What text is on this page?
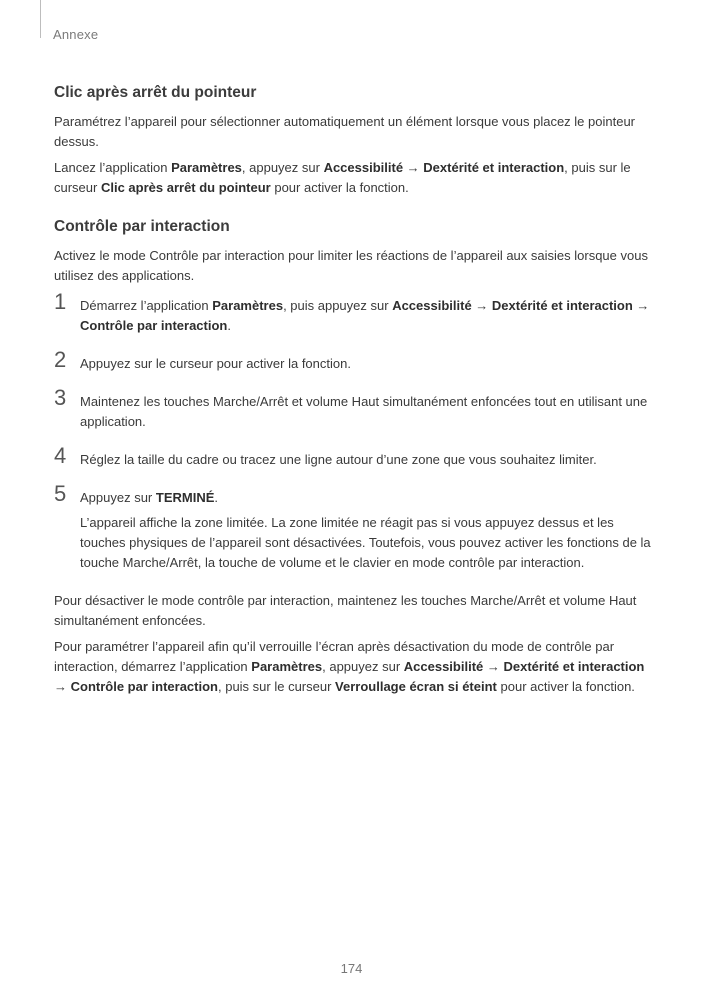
Annexe
Clic après arrêt du pointeur

Paramétrez l’appareil pour sélectionner automatiquement un élément lorsque vous placez le pointeur dessus.

Lancez l’application Paramètres, appuyez sur Accessibilité → Dextérité et interaction, puis sur le curseur Clic après arrêt du pointeur pour activer la fonction.

Contrôle par interaction

Activez le mode Contrôle par interaction pour limiter les réactions de l’appareil aux saisies lorsque vous utilisez des applications.

1 Démarrez l’application Paramètres, puis appuyez sur Accessibilité → Dextérité et interaction → Contrôle par interaction.

2 Appuyez sur le curseur pour activer la fonction.

3 Maintenez les touches Marche/Arrêt et volume Haut simultanément enfoncées tout en utilisant une application.

4 Réglez la taille du cadre ou tracez une ligne autour d’une zone que vous souhaitez limiter.

5 Appuyez sur TERMINÉ.

L’appareil affiche la zone limitée. La zone limitée ne réagit pas si vous appuyez dessus et les touches physiques de l’appareil sont désactivées. Toutefois, vous pouvez activer les fonctions de la touche Marche/Arrêt, la touche de volume et le clavier en mode contrôle par interaction.

Pour désactiver le mode contrôle par interaction, maintenez les touches Marche/Arrêt et volume Haut simultanément enfoncées.

Pour paramétrer l’appareil afin qu’il verrouille l’écran après désactivation du mode de contrôle par interaction, démarrez l’application Paramètres, appuyez sur Accessibilité → Dextérité et interaction → Contrôle par interaction, puis sur le curseur Verroullage écran si éteint pour activer la fonction.

174
